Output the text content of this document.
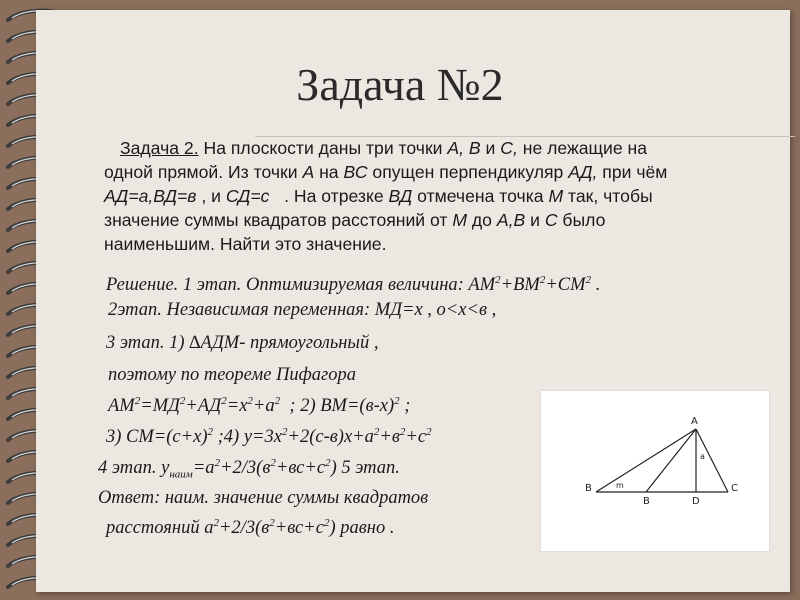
Задача №2
Задача 2. На плоскости даны три точки А, В и С, не лежащие на
одной прямой. Из точки А на ВС опущен перпендикуляр АД, при чём
АД=а,ВД=в , и СД=с   . На отрезке ВД отмечена точка М так, чтобы
значение суммы квадратов расстояний от М до А,В и С было
наименьшим. Найти это значение.
Решение. 1 этап. Оптимизируемая величина: $АМ^2+ВМ^2+СМ^2$ .
2этап. Независимая переменная: МД=х , о<х<в ,
3 этап. 1) ∆АДМ- прямоугольный ,
поэтому по теореме Пифагора
$АМ^2=МД^2+АД^2=х^2+а^2$  ; 2) $ВМ=(в-х)^2$ ;
3) $СМ=(с+х)^2$ ;4) $у=3х^2+2(с-в)х+а^2+в^2+с^2$
4 этап. $у_{наим}=а^2+2/3(в^2+вс+с^2)$ 5 этап.
Ответ: наим. значение суммы квадратов
расстояний $а^2+2/3(в^2+вс+с^2)$ равно .
A
B
B	D
C
a
m
